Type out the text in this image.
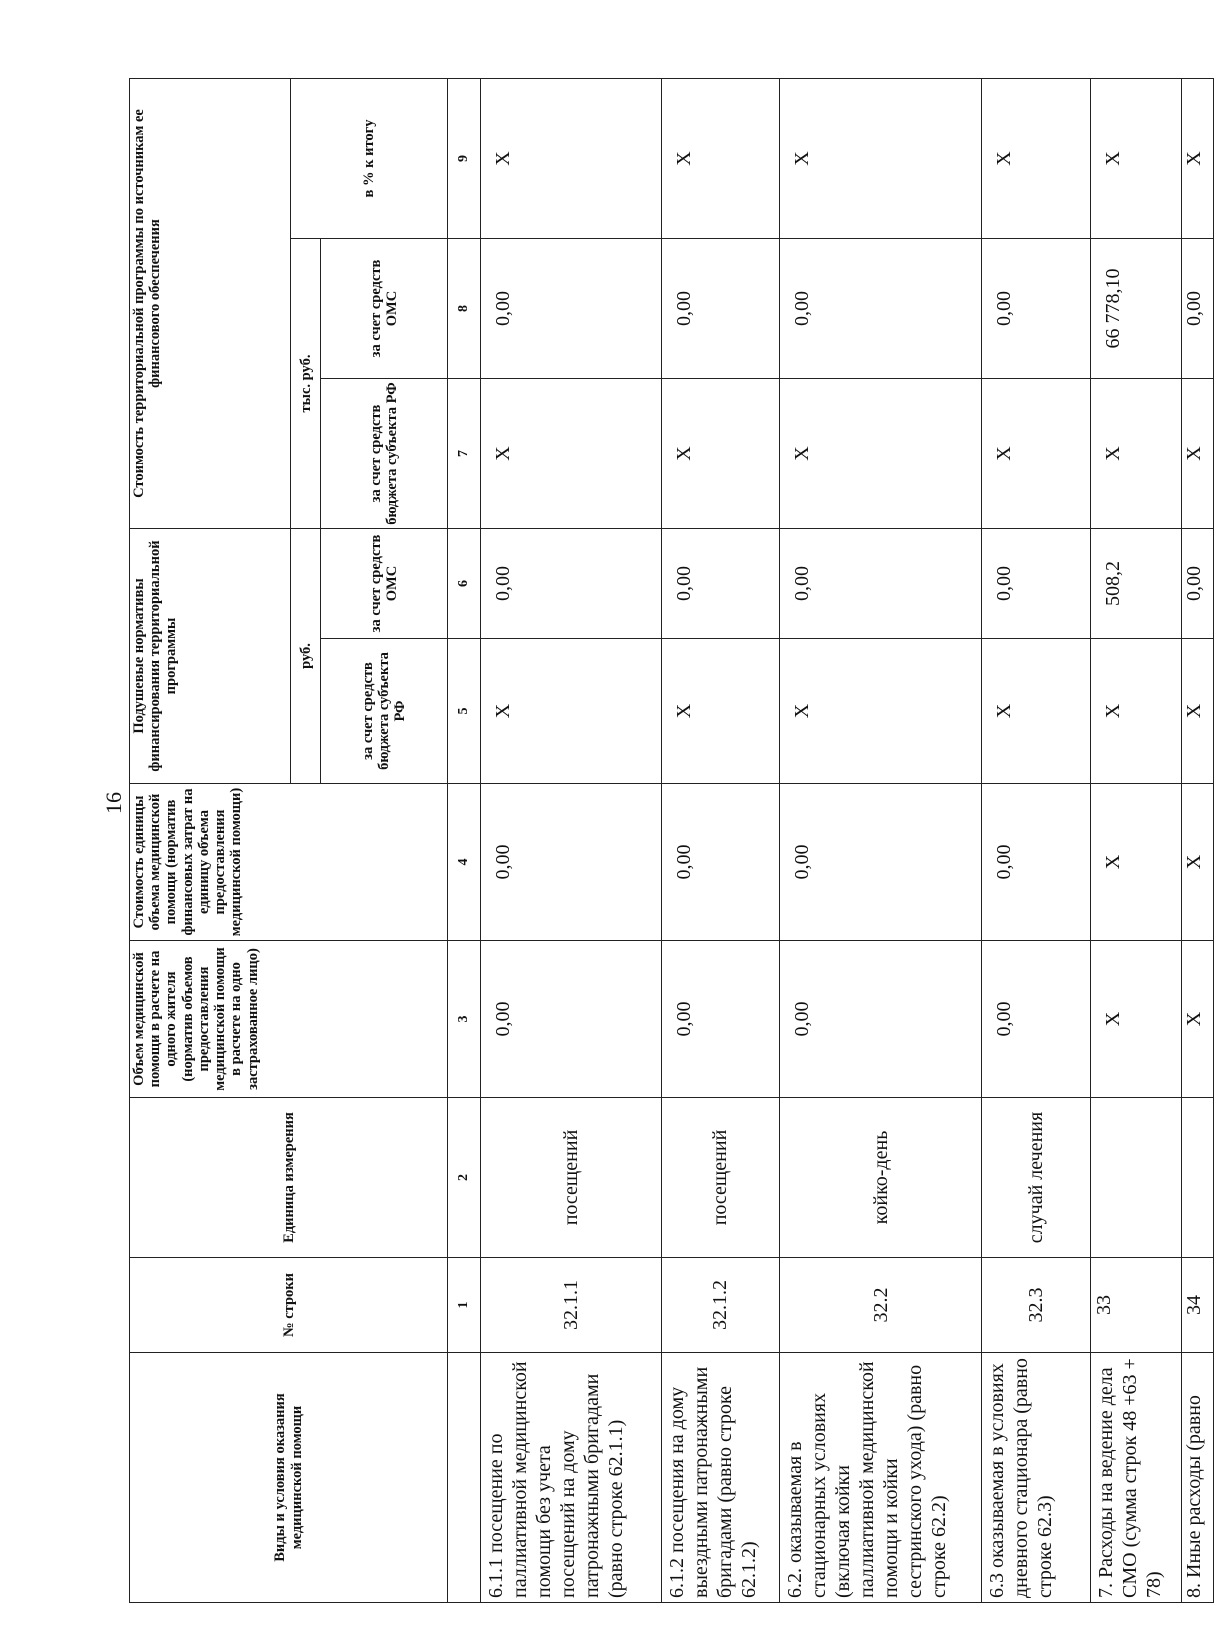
16
Виды и условия оказания медицинской помощи	№ строки	Единица измерения	Объем медицинской помощи в расчете на одного жителя (норматив объемов предоставления медицинской помощи в расчете на одно застрахованное лицо)	Стоимость единицы объема медицинской помощи (норматив финансовых затрат на единицу объема предоставления медицинской помощи)	Подушевые нормативы финансирования территориальной программы		Стоимость территориальной программы по источникам ее финансового обеспечения		
					руб.		тыс. руб.		в % к итогу
					за счет средств бюджета субъекта РФ	за счет средств ОМС	за счет средств бюджета субъекта РФ	за счет средств ОМС	
	1	2	3	4	5	6	7	8	9
6.1.1 посещение по паллиативной медицинской помощи без учета посещений на дому патронажными бригадами (равно строке 62.1.1)	32.1.1	посещений	0,00	0,00	X	0,00	X	0,00	X
6.1.2 посещения на дому выездными патронажными бригадами (равно строке 62.1.2)	32.1.2	посещений	0,00	0,00	X	0,00	X	0,00	X
6.2. оказываемая в стационарных условиях (включая койки паллиативной медицинской помощи и койки сестринского ухода) (равно строке 62.2)	32.2	койко-день	0,00	0,00	X	0,00	X	0,00	X
6.3 оказываемая в условиях дневного стационара (равно строке 62.3)	32.3	случай лечения	0,00	0,00	X	0,00	X	0,00	X
7. Расходы на ведение дела СМО (сумма строк 48 +63 + 78)	33		X	X	X	508,2	X	66 778,10	X
8. Иные расходы (равно	34		X	X	X	0,00	X	0,00	X
